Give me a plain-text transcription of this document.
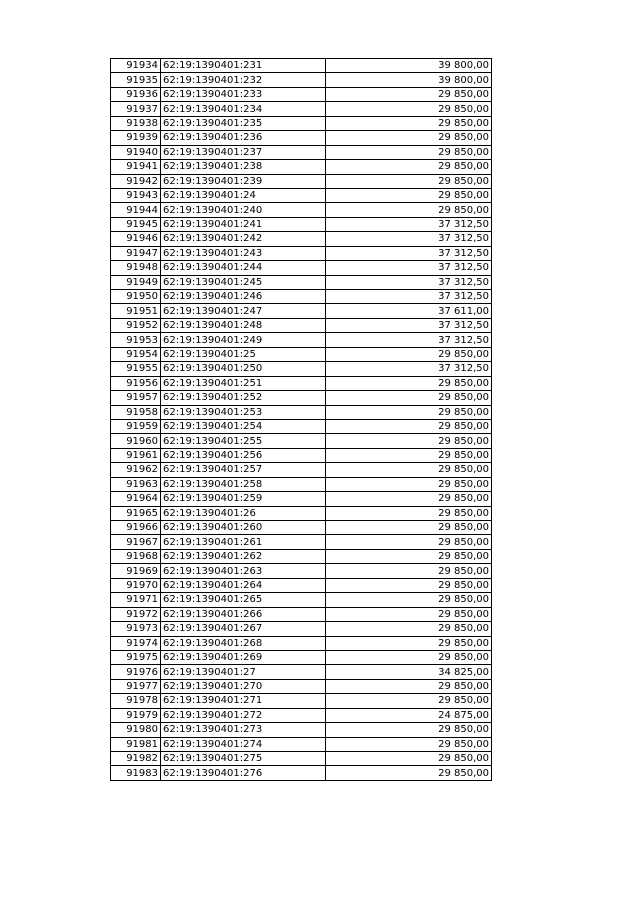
91934	62:19:1390401:231	39 800,00
91935	62:19:1390401:232	39 800,00
91936	62:19:1390401:233	29 850,00
91937	62:19:1390401:234	29 850,00
91938	62:19:1390401:235	29 850,00
91939	62:19:1390401:236	29 850,00
91940	62:19:1390401:237	29 850,00
91941	62:19:1390401:238	29 850,00
91942	62:19:1390401:239	29 850,00
91943	62:19:1390401:24	29 850,00
91944	62:19:1390401:240	29 850,00
91945	62:19:1390401:241	37 312,50
91946	62:19:1390401:242	37 312,50
91947	62:19:1390401:243	37 312,50
91948	62:19:1390401:244	37 312,50
91949	62:19:1390401:245	37 312,50
91950	62:19:1390401:246	37 312,50
91951	62:19:1390401:247	37 611,00
91952	62:19:1390401:248	37 312,50
91953	62:19:1390401:249	37 312,50
91954	62:19:1390401:25	29 850,00
91955	62:19:1390401:250	37 312,50
91956	62:19:1390401:251	29 850,00
91957	62:19:1390401:252	29 850,00
91958	62:19:1390401:253	29 850,00
91959	62:19:1390401:254	29 850,00
91960	62:19:1390401:255	29 850,00
91961	62:19:1390401:256	29 850,00
91962	62:19:1390401:257	29 850,00
91963	62:19:1390401:258	29 850,00
91964	62:19:1390401:259	29 850,00
91965	62:19:1390401:26	29 850,00
91966	62:19:1390401:260	29 850,00
91967	62:19:1390401:261	29 850,00
91968	62:19:1390401:262	29 850,00
91969	62:19:1390401:263	29 850,00
91970	62:19:1390401:264	29 850,00
91971	62:19:1390401:265	29 850,00
91972	62:19:1390401:266	29 850,00
91973	62:19:1390401:267	29 850,00
91974	62:19:1390401:268	29 850,00
91975	62:19:1390401:269	29 850,00
91976	62:19:1390401:27	34 825,00
91977	62:19:1390401:270	29 850,00
91978	62:19:1390401:271	29 850,00
91979	62:19:1390401:272	24 875,00
91980	62:19:1390401:273	29 850,00
91981	62:19:1390401:274	29 850,00
91982	62:19:1390401:275	29 850,00
91983	62:19:1390401:276	29 850,00
